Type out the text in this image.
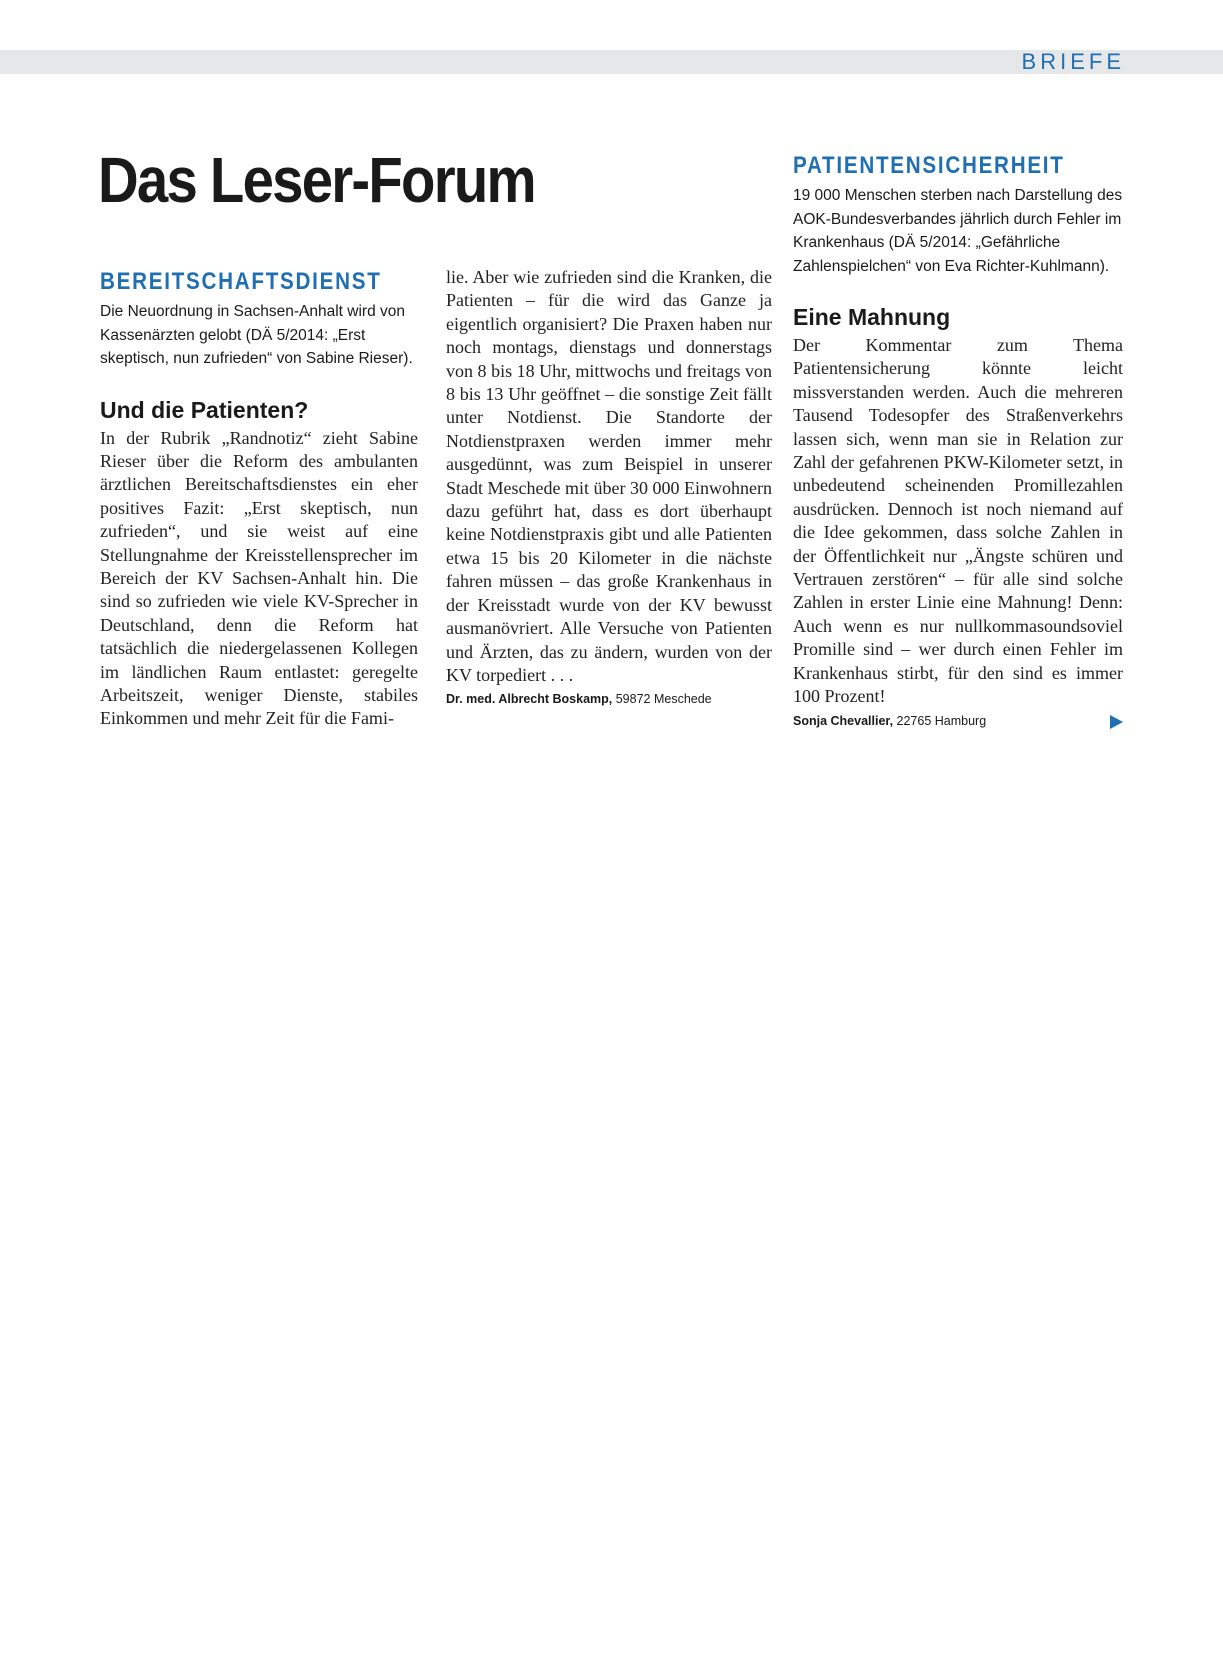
BRIEFE
Das Leser-Forum
BEREITSCHAFTSDIENST

Die Neuordnung in Sachsen-Anhalt wird von Kassenärzten gelobt (DÄ 5/2014: „Erst skeptisch, nun zufrieden“ von Sabine Rieser).

Und die Patienten?

In der Rubrik „Randnotiz“ zieht Sabine Rieser über die Reform des ambulanten ärztlichen Bereitschaftsdienstes ein eher positives Fazit: „Erst skeptisch, nun zufrieden“, und sie weist auf eine Stellungnahme der Kreisstellensprecher im Bereich der KV Sachsen-Anhalt hin. Die sind so zufrieden wie viele KV-Sprecher in Deutschland, denn die Reform hat tatsächlich die niedergelassenen Kollegen im ländlichen Raum entlastet: geregelte Arbeitszeit, weniger Dienste, stabiles Einkommen und mehr Zeit für die Fami-

lie. Aber wie zufrieden sind die Kranken, die Patienten – für die wird das Ganze ja eigentlich organisiert? Die Praxen haben nur noch montags, dienstags und donnerstags von 8 bis 18 Uhr, mittwochs und freitags von 8 bis 13 Uhr geöffnet – die sonstige Zeit fällt unter Notdienst. Die Standorte der Notdienstpraxen werden immer mehr ausgedünnt, was zum Beispiel in unserer Stadt Meschede mit über 30 000 Einwohnern dazu geführt hat, dass es dort überhaupt keine Notdienstpraxis gibt und alle Patienten etwa 15 bis 20 Kilometer in die nächste fahren müssen – das große Krankenhaus in der Kreisstadt wurde von der KV bewusst ausmanövriert. Alle Versuche von Patienten und Ärzten, das zu ändern, wurden von der KV torpediert . . .

Dr. med. Albrecht Boskamp, 59872 Meschede

PATIENTENSICHERHEIT

19 000 Menschen sterben nach Darstellung des AOK-Bundesverbandes jährlich durch Fehler im Krankenhaus (DÄ 5/2014: „Gefährliche Zahlenspielchen“ von Eva Richter-Kuhlmann).

Eine Mahnung

Der Kommentar zum Thema Patientensicherung könnte leicht missverstanden werden. Auch die mehreren Tausend Todesopfer des Straßenverkehrs lassen sich, wenn man sie in Relation zur Zahl der gefahrenen PKW-Kilometer setzt, in unbedeutend scheinenden Promillezahlen ausdrücken. Dennoch ist noch niemand auf die Idee gekommen, dass solche Zahlen in der Öffentlichkeit nur „Ängste schüren und Vertrauen zerstören“ – für alle sind solche Zahlen in erster Linie eine Mahnung! Denn: Auch wenn es nur nullkommasoundsoviel Promille sind – wer durch einen Fehler im Krankenhaus stirbt, für den sind es immer 100 Prozent!

Sonja Chevallier, 22765 Hamburg
